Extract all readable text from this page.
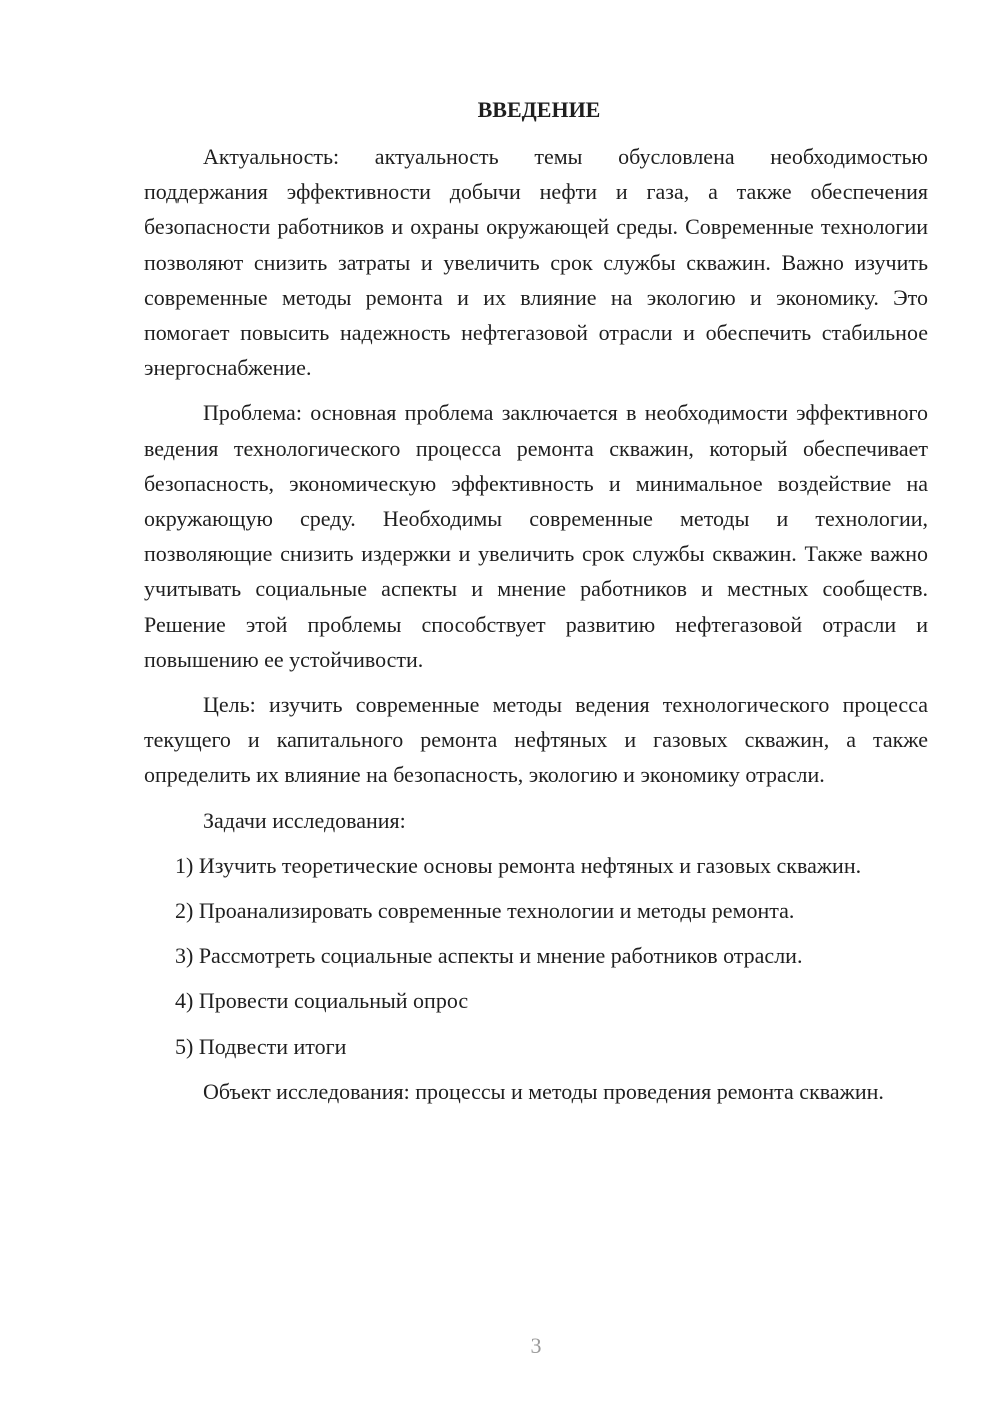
ВВЕДЕНИЕ

Актуальность: актуальность темы обусловлена необходимостью поддержания эффективности добычи нефти и газа, а также обеспечения безопасности работников и охраны окружающей среды. Современные технологии позволяют снизить затраты и увеличить срок службы скважин. Важно изучить современные методы ремонта и их влияние на экологию и экономику. Это помогает повысить надежность нефтегазовой отрасли и обеспечить стабильное энергоснабжение.

Проблема: основная проблема заключается в необходимости эффективного ведения технологического процесса ремонта скважин, который обеспечивает безопасность, экономическую эффективность и минимальное воздействие на окружающую среду. Необходимы современные методы и технологии, позволяющие снизить издержки и увеличить срок службы скважин. Также важно учитывать социальные аспекты и мнение работников и местных сообществ. Решение этой проблемы способствует развитию нефтегазовой отрасли и повышению ее устойчивости.

Цель: изучить современные методы ведения технологического процесса текущего и капитального ремонта нефтяных и газовых скважин, а также определить их влияние на безопасность, экологию и экономику отрасли.

Задачи исследования:

1) Изучить теоретические основы ремонта нефтяных и газовых скважин.
2) Проанализировать современные технологии и методы ремонта.
3) Рассмотреть социальные аспекты и мнение работников отрасли.
4) Провести социальный опрос
5) Подвести итоги

Объект исследования: процессы и методы проведения ремонта скважин.

3
